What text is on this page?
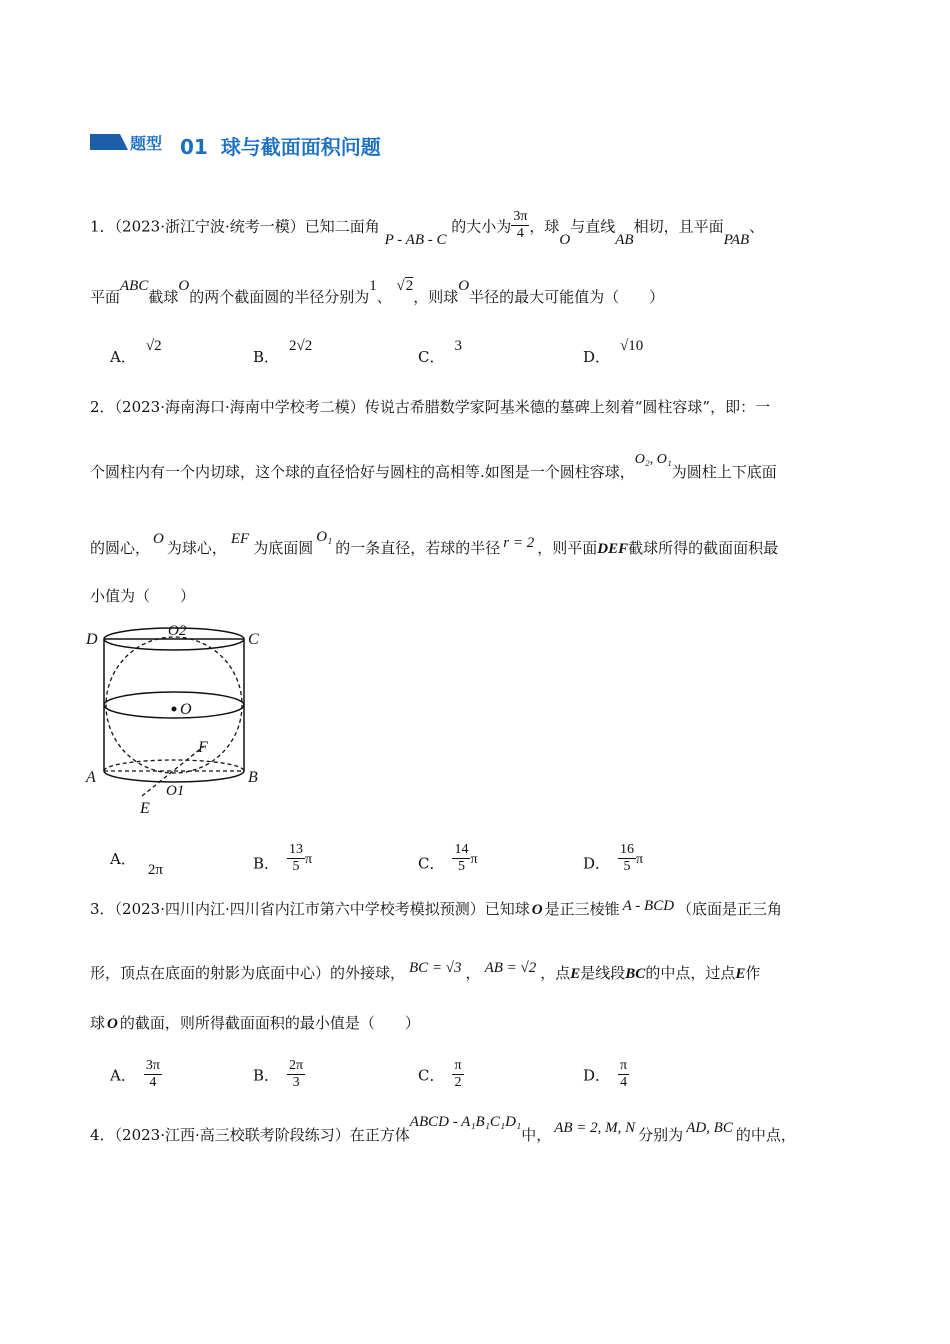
题型 01 球与截面面积问题
1．（2023·浙江宁波·统考一模）已知二面角 P - AB - C 的大小为 $\frac{3\pi}{4}$ ，球O与直线AB相切，且平面PAB、
平面ABC截球O的两个截面圆的半径分别为1、 √2，则球O半径的最大可能值为（　　）
A．√2
B．2√2
C．3
D．√10
2．（2023·海南海口·海南中学校考二模）传说古希腊数学家阿基米德的墓碑上刻着“圆柱容球”，即：一
个圆柱内有一个内切球，这个球的直径恰好与圆柱的高相等.如图是一个圆柱容球，O₂, O₁为圆柱上下底面
的圆心， O 为球心， EF 为底面圆O₁的一条直径，若球的半径 r = 2 ，则平面DEF截球所得的截面面积最
小值为（　　）
D	C
O2
O
F
A	B
O1
E
A．2π	B． $\frac{13}{5}$ π	C． $\frac{14}{5}$ π	D． $\frac{16}{5}$ π
3．（2023·四川内江·四川省内江市第六中学校考模拟预测）已知球 O 是正三棱锥 A - BCD （底面是正三角
形，顶点在底面的射影为底面中心）的外接球， BC = √3 ， AB = √2 ，点E是线段BC的中点，过点E作
球 O 的截面，则所得截面面积的最小值是（　　）
A． $\frac{3\pi}{4}$	B． $\frac{2\pi}{3}$	C． $\frac{\pi}{2}$	D． $\frac{\pi}{4}$
4．（2023·江西·高三校联考阶段练习）在正方体ABCD - A₁B₁C₁D₁中， AB = 2, M, N 分别为 AD, BC 的中点，
